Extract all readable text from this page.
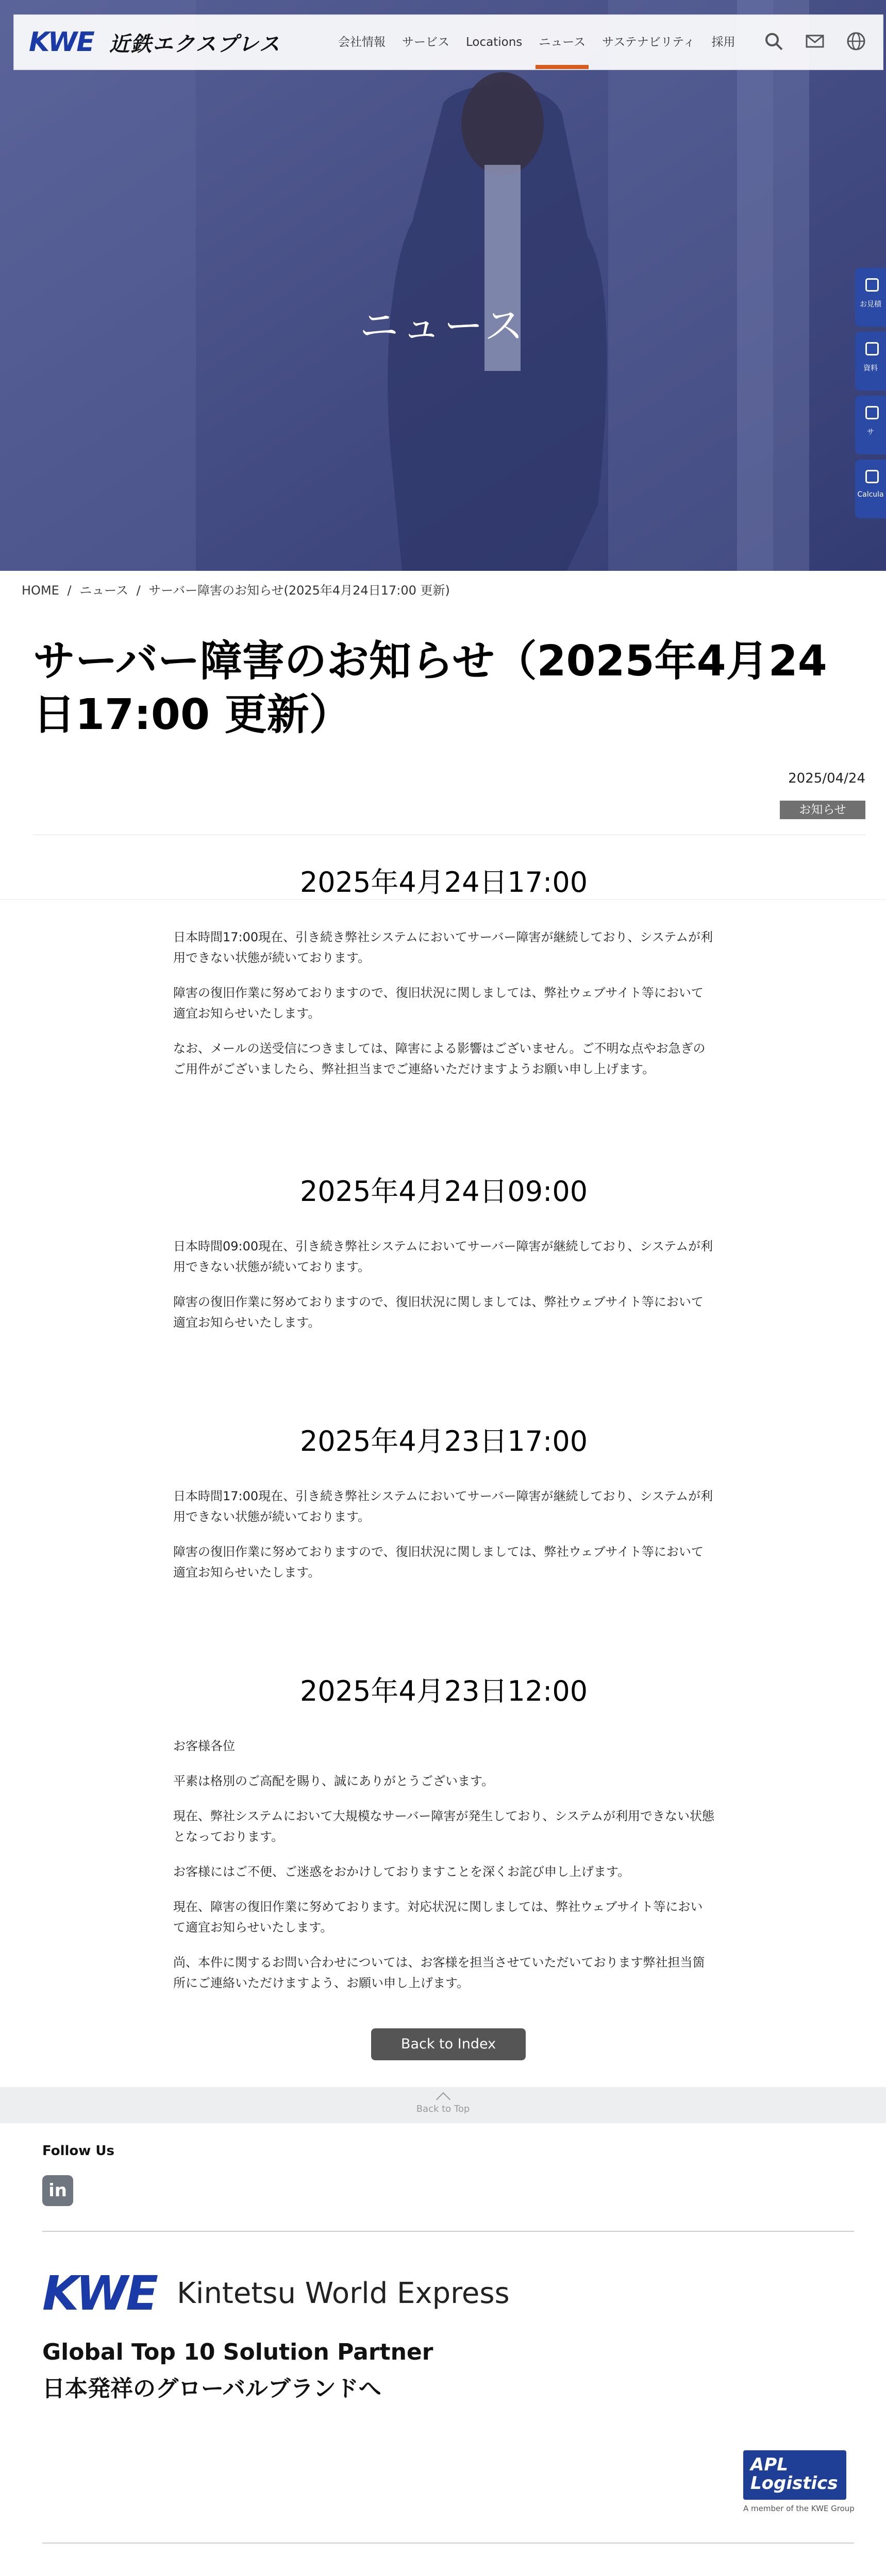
ニュース
KWE 近鉄エクスプレス	会社情報	サービス	Locations	ニュース	サステナビリティ	採用
お見積
資料
サ
Calcula
HOME / ニュース / サーバー障害のお知らせ(2025年4月24日17:00 更新)
サーバー障害のお知らせ（2025年4月24日17:00 更新）
2025/04/24
お知らせ
2025年4月24日17:00

日本時間17:00現在、引き続き弊社システムにおいてサーバー障害が継続しており、システムが利用できない状態が続いております。

障害の復旧作業に努めておりますので、復旧状況に関しましては、弊社ウェブサイト等において適宜お知らせいたします。

なお、メールの送受信につきましては、障害による影響はございません。ご不明な点やお急ぎのご用件がございましたら、弊社担当までご連絡いただけますようお願い申し上げます。

2025年4月24日09:00

日本時間09:00現在、引き続き弊社システムにおいてサーバー障害が継続しており、システムが利用できない状態が続いております。

障害の復旧作業に努めておりますので、復旧状況に関しましては、弊社ウェブサイト等において適宜お知らせいたします。

2025年4月23日17:00

日本時間17:00現在、引き続き弊社システムにおいてサーバー障害が継続しており、システムが利用できない状態が続いております。

障害の復旧作業に努めておりますので、復旧状況に関しましては、弊社ウェブサイト等において適宜お知らせいたします。

2025年4月23日12:00

お客様各位

平素は格別のご高配を賜り、誠にありがとうございます。

現在、弊社システムにおいて大規模なサーバー障害が発生しており、システムが利用できない状態となっております。

お客様にはご不便、ご迷惑をおかけしておりますことを深くお詫び申し上げます。

現在、障害の復旧作業に努めております。対応状況に関しましては、弊社ウェブサイト等において適宜お知らせいたします。

尚、本件に関するお問い合わせについては、お客様を担当させていただいております弊社担当箇所にご連絡いただけますよう、お願い申し上げます。

Back to Index
Back to Top
Follow Us
in
KWE Kintetsu World Express
Global Top 10 Solution Partner
日本発祥のグローバルブランドへ
APL Logistics
A member of the KWE Group
